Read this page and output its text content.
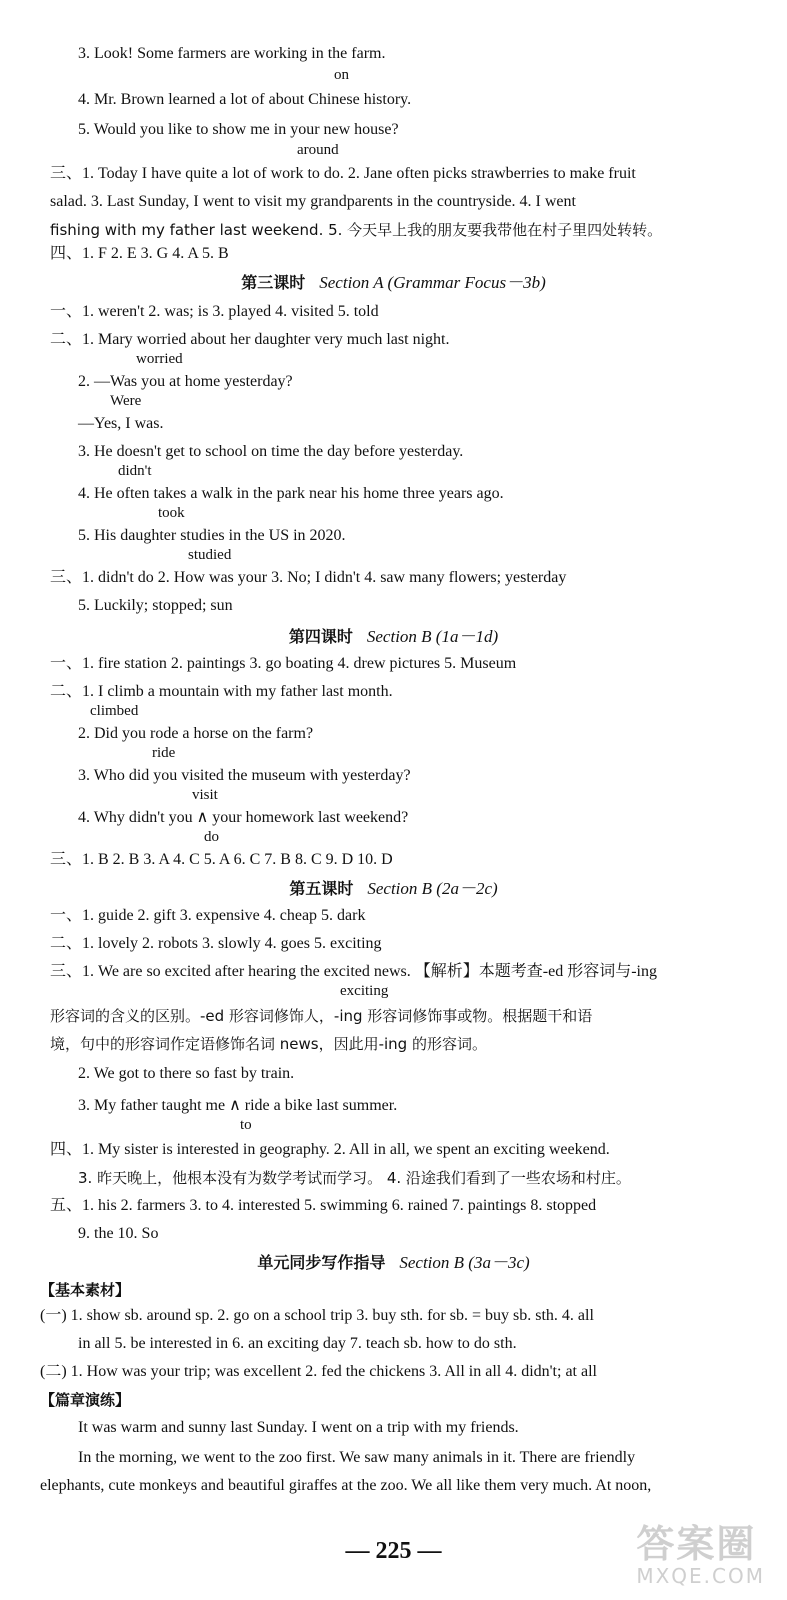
3. Look! Some farmers are working in the farm.
on
4. Mr. Brown learned a lot of about Chinese history.
5. Would you like to show me in your new house?
around
三、1. Today I have quite a lot of work to do. 2. Jane often picks strawberries to make fruit
salad. 3. Last Sunday, I went to visit my grandparents in the countryside. 4. I went
fishing with my father last weekend. 5. 今天早上我的朋友要我带他在村子里四处转转。
四、1. F 2. E 3. G 4. A 5. B
第三课时 Section A (Grammar Focus－3b)
一、1. weren't 2. was; is 3. played 4. visited 5. told
二、1. Mary worried about her daughter very much last night.
worried
2. —Was you at home yesterday?
Were
—Yes, I was.
3. He doesn't get to school on time the day before yesterday.
didn't
4. He often takes a walk in the park near his home three years ago.
took
5. His daughter studies in the US in 2020.
studied
三、1. didn't do 2. How was your 3. No; I didn't 4. saw many flowers; yesterday
5. Luckily; stopped; sun
第四课时 Section B (1a－1d)
一、1. fire station 2. paintings 3. go boating 4. drew pictures 5. Museum
二、1. I climb a mountain with my father last month.
climbed
2. Did you rode a horse on the farm?
ride
3. Who did you visited the museum with yesterday?
visit
4. Why didn't you ∧ your homework last weekend?
do
三、1. B 2. B 3. A 4. C 5. A 6. C 7. B 8. C 9. D 10. D
第五课时 Section B (2a－2c)
一、1. guide 2. gift 3. expensive 4. cheap 5. dark
二、1. lovely 2. robots 3. slowly 4. goes 5. exciting
三、1. We are so excited after hearing the excited news. 【解析】本题考查-ed 形容词与-ing
exciting
形容词的含义的区别。-ed 形容词修饰人，-ing 形容词修饰事或物。根据题干和语
境，句中的形容词作定语修饰名词 news，因此用-ing 的形容词。
2. We got to there so fast by train.
3. My father taught me ∧ ride a bike last summer.
to
四、1. My sister is interested in geography. 2. All in all, we spent an exciting weekend.
3. 昨天晚上，他根本没有为数学考试而学习。 4. 沿途我们看到了一些农场和村庄。
五、1. his 2. farmers 3. to 4. interested 5. swimming 6. rained 7. paintings 8. stopped
9. the 10. So
单元同步写作指导 Section B (3a－3c)
【基本素材】
(一) 1. show sb. around sp. 2. go on a school trip 3. buy sth. for sb. = buy sb. sth. 4. all
in all 5. be interested in 6. an exciting day 7. teach sb. how to do sth.
(二) 1. How was your trip; was excellent 2. fed the chickens 3. All in all 4. didn't; at all
【篇章演练】
It was warm and sunny last Sunday. I went on a trip with my friends.
In the morning, we went to the zoo first. We saw many animals in it. There are friendly
elephants, cute monkeys and beautiful giraffes at the zoo. We all like them very much. At noon,
— 225 —	答案圈
MXQE.COM
